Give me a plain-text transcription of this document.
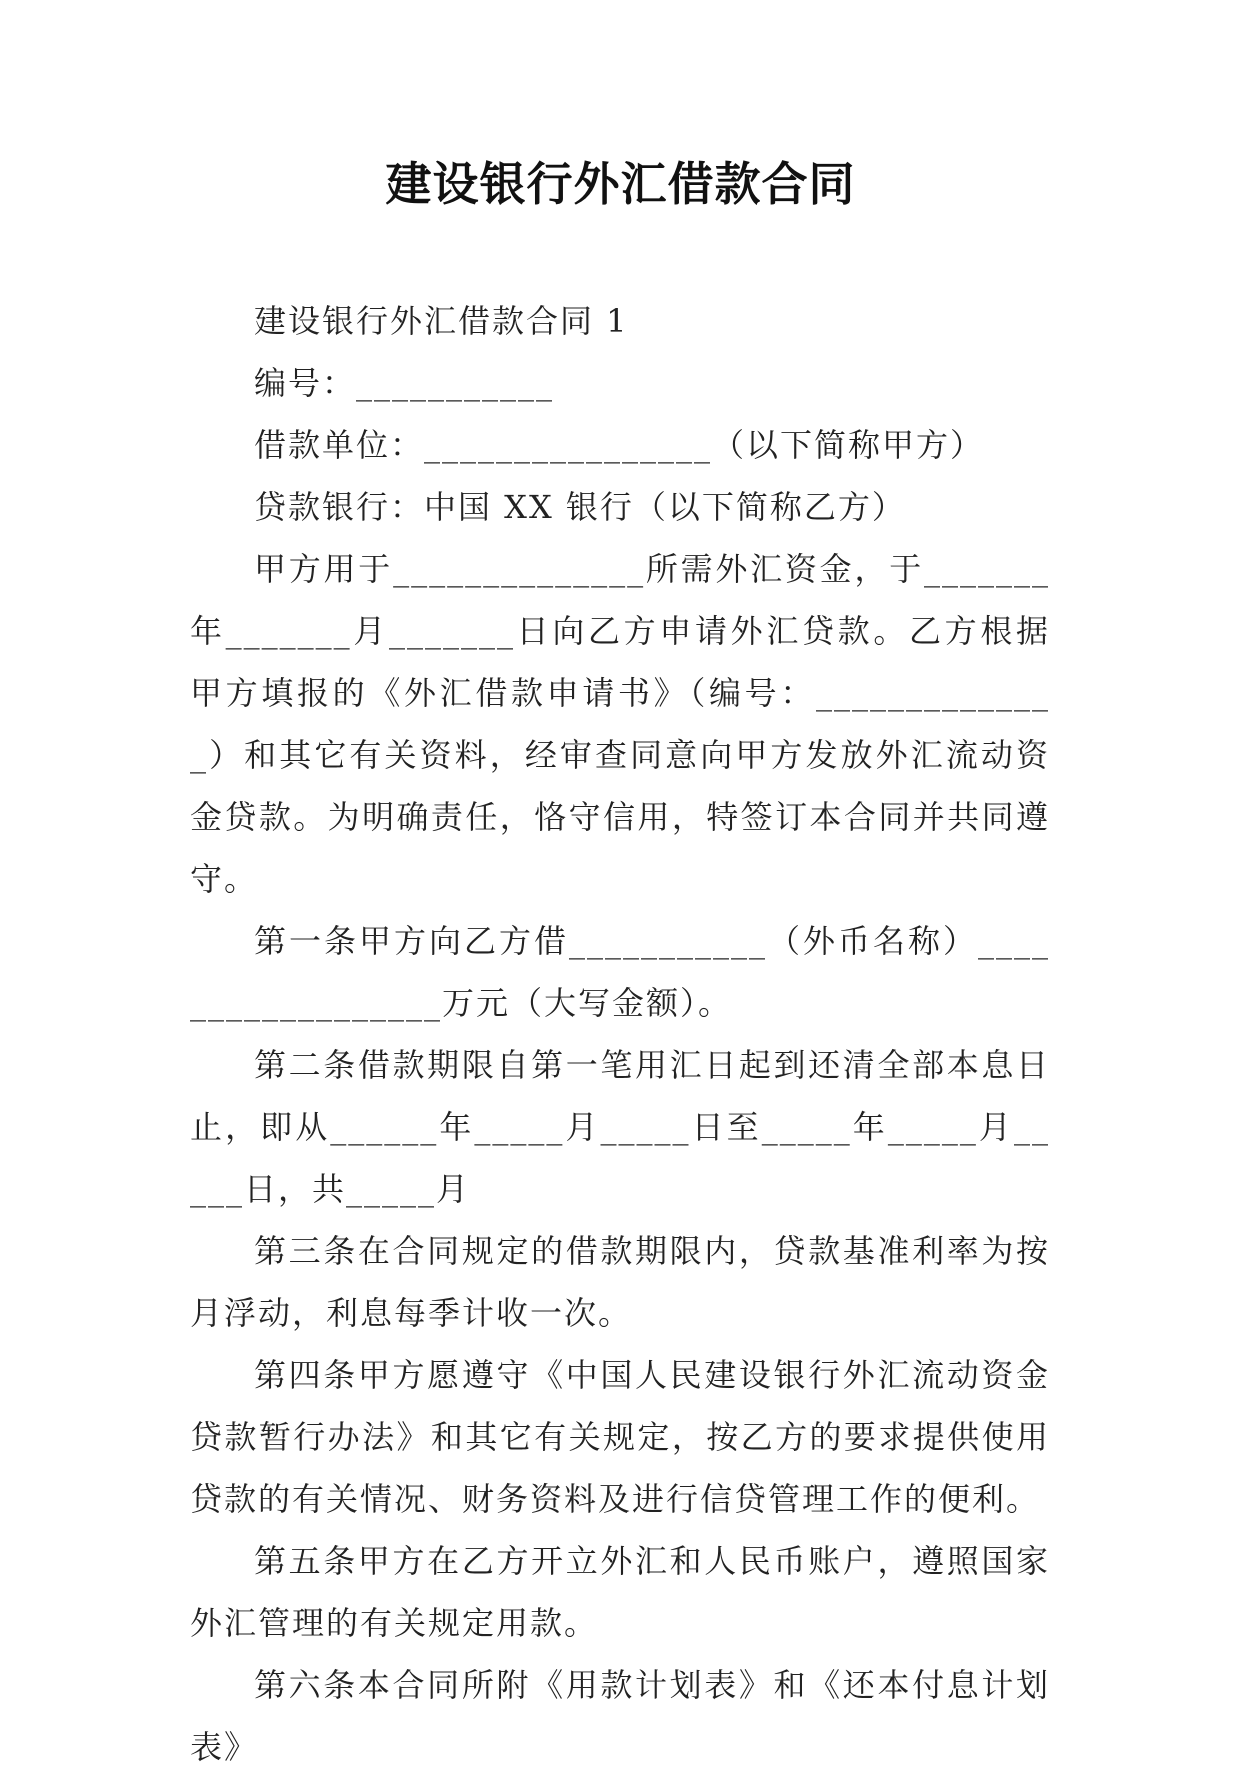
建设银行外汇借款合同

建设银行外汇借款合同 1

编号：___________

借款单位：________________（以下简称甲方）

贷款银行：中国 XX 银行（以下简称乙方）

甲方用于______________所需外汇资金，于_______年_______月_______日向乙方申请外汇贷款。乙方根据甲方填报的《外汇借款申请书》（编号：______________）和其它有关资料，经审查同意向甲方发放外汇流动资金贷款。为明确责任，恪守信用，特签订本合同并共同遵守。

第一条甲方向乙方借___________（外币名称）__________________万元（大写金额）。

第二条借款期限自第一笔用汇日起到还清全部本息日止，即从______年_____月_____日至_____年_____月_____日，共_____月

第三条在合同规定的借款期限内，贷款基准利率为按月浮动，利息每季计收一次。

第四条甲方愿遵守《中国人民建设银行外汇流动资金贷款暂行办法》和其它有关规定，按乙方的要求提供使用贷款的有关情况、财务资料及进行信贷管理工作的便利。

第五条甲方在乙方开立外汇和人民币账户，遵照国家外汇管理的有关规定用款。

第六条本合同所附《用款计划表》和《还本付息计划表》
